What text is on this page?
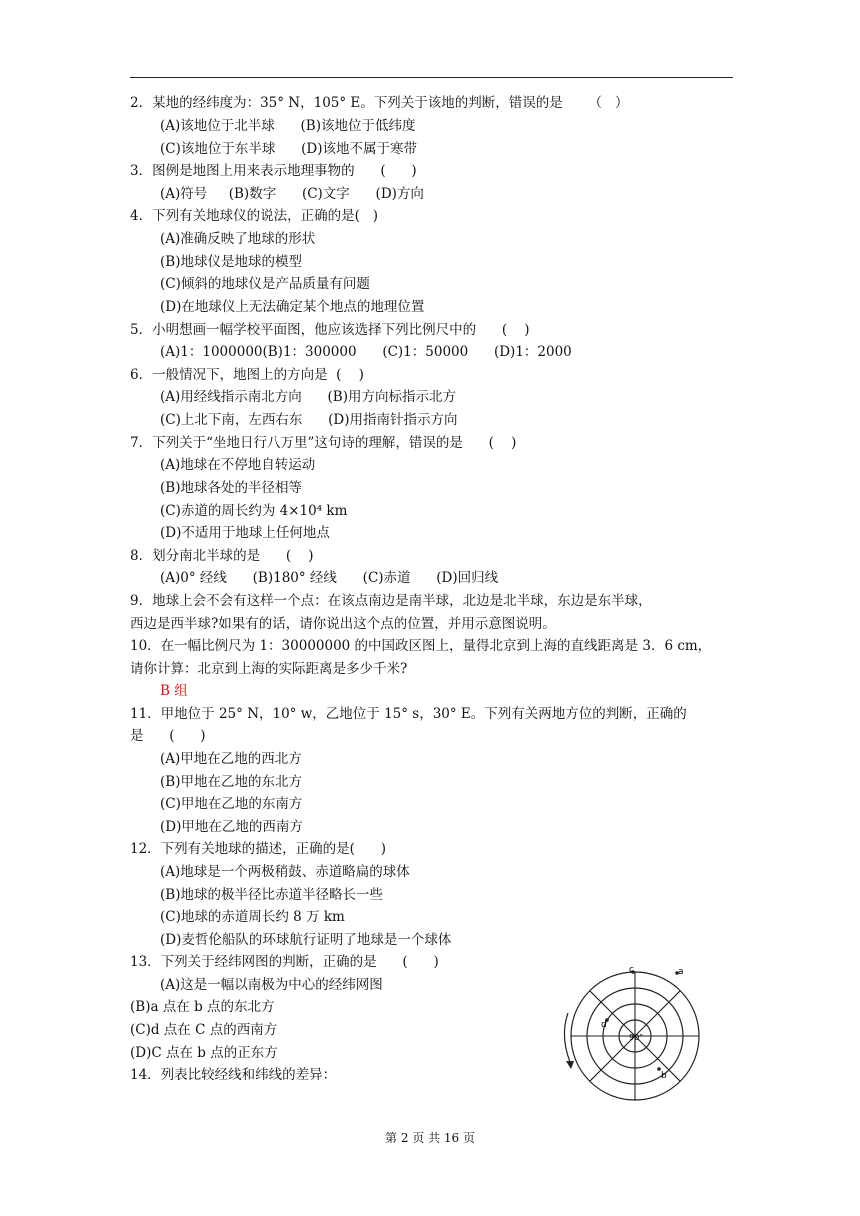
2．某地的经纬度为：35° N，105° E。下列关于该地的判断，错误的是      （   ）
(A)该地位于北半球      (B)该地位于低纬度
(C)该地位于东半球      (D)该地不属于寒带
3．图例是地图上用来表示地理事物的      (      )
(A)符号     (B)数字      (C)文字      (D)方向
4．下列有关地球仪的说法，正确的是(   )
(A)准确反映了地球的形状
(B)地球仪是地球的模型
(C)倾斜的地球仪是产品质量有问题
(D)在地球仪上无法确定某个地点的地理位置
5．小明想画一幅学校平面图，他应该选择下列比例尺中的      (    )
(A)1：1000000(B)1：300000      (C)1：50000      (D)1：2000
6．一般情况下，地图上的方向是  (    )
(A)用经线指示南北方向      (B)用方向标指示北方
(C)上北下南，左西右东      (D)用指南针指示方向
7．下列关于“坐地日行八万里”这句诗的理解，错误的是      (    )
(A)地球在不停地自转运动
(B)地球各处的半径相等
(C)赤道的周长约为 4×10⁴ km
(D)不适用于地球上任何地点
8．划分南北半球的是      (    )
(A)0° 经线      (B)180° 经线      (C)赤道      (D)回归线
9．地球上会不会有这样一个点：在该点南边是南半球，北边是北半球，东边是东半球，
西边是西半球?如果有的话，请你说出这个点的位置，并用示意图说明。
10．在一幅比例尺为 1：30000000 的中国政区图上，量得北京到上海的直线距离是 3．6 cm，
请你计算：北京到上海的实际距离是多少千米?
B 组
11．甲地位于 25° N，10° w，乙地位于 15° s，30° E。下列有关两地方位的判断，正确的
是      (      )
(A)甲地在乙地的西北方
(B)甲地在乙地的东北方
(C)甲地在乙地的东南方
(D)甲地在乙地的西南方
12．下列有关地球的描述，正确的是(      )
(A)地球是一个两极稍鼓、赤道略扁的球体
(B)地球的极半径比赤道半径略长一些
(C)地球的赤道周长约 8 万 km
(D)麦哲伦船队的环球航行证明了地球是一个球体
13．下列关于经纬网图的判断，正确的是      (      )
(A)这是一幅以南极为中心的经纬网图
(B)a 点在 b 点的东北方
(C)d 点在 C 点的西南方
(D)C 点在 b 点的正东方
14．列表比较经线和纬线的差异：
a
c
d
b
90°
第 2 页 共 16 页
